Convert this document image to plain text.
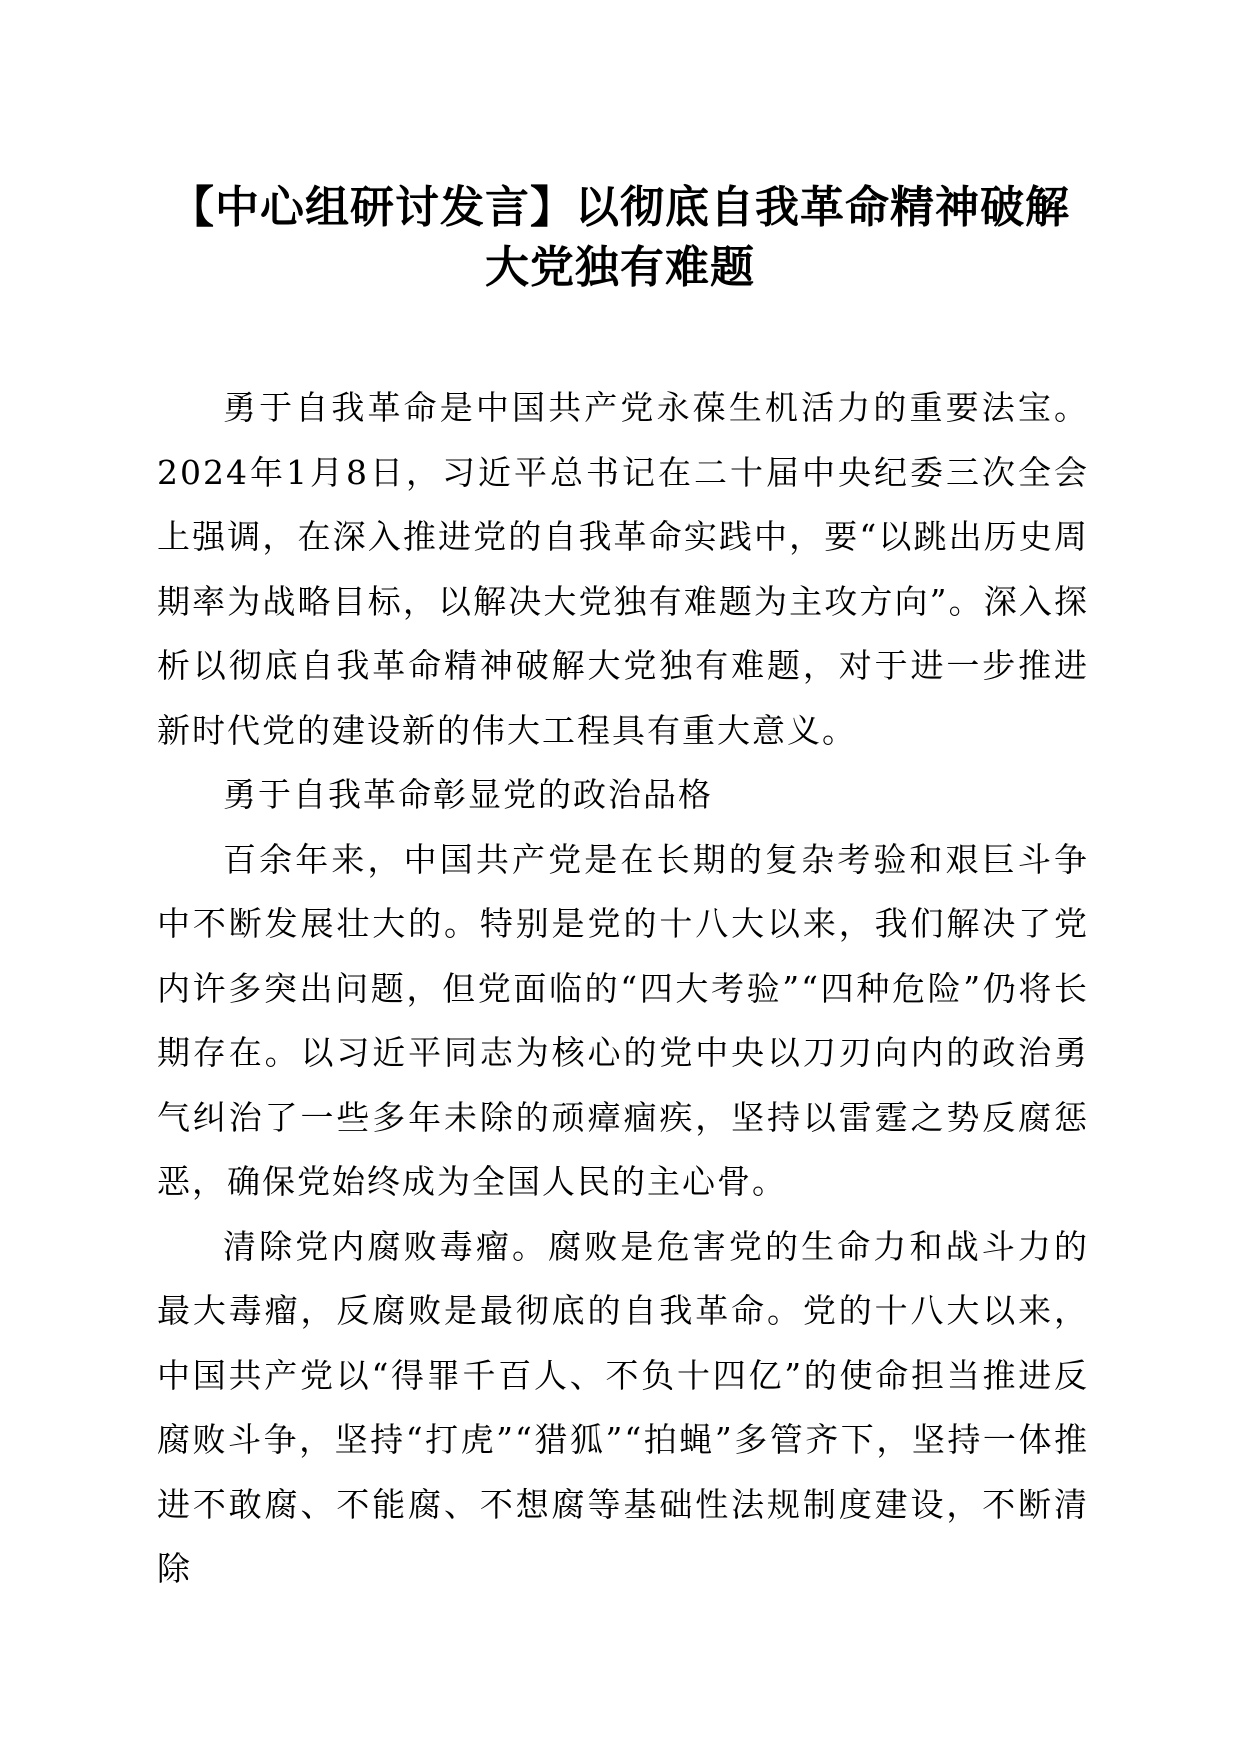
【中心组研讨发言】以彻底自我革命精神破解
大党独有难题

勇于自我革命是中国共产党永葆生机活力的重要法宝。2024年1月8日，习近平总书记在二十届中央纪委三次全会上强调，在深入推进党的自我革命实践中，要“以跳出历史周期率为战略目标，以解决大党独有难题为主攻方向”。深入探析以彻底自我革命精神破解大党独有难题，对于进一步推进新时代党的建设新的伟大工程具有重大意义。

勇于自我革命彰显党的政治品格

百余年来，中国共产党是在长期的复杂考验和艰巨斗争中不断发展壮大的。特别是党的十八大以来，我们解决了党内许多突出问题，但党面临的“四大考验”“四种危险”仍将长期存在。以习近平同志为核心的党中央以刀刃向内的政治勇气纠治了一些多年未除的顽瘴痼疾，坚持以雷霆之势反腐惩恶，确保党始终成为全国人民的主心骨。

清除党内腐败毒瘤。腐败是危害党的生命力和战斗力的最大毒瘤，反腐败是最彻底的自我革命。党的十八大以来，中国共产党以“得罪千百人、不负十四亿”的使命担当推进反腐败斗争，坚持“打虎”“猎狐”“拍蝇”多管齐下，坚持一体推进不敢腐、不能腐、不想腐等基础性法规制度建设，不断清除
